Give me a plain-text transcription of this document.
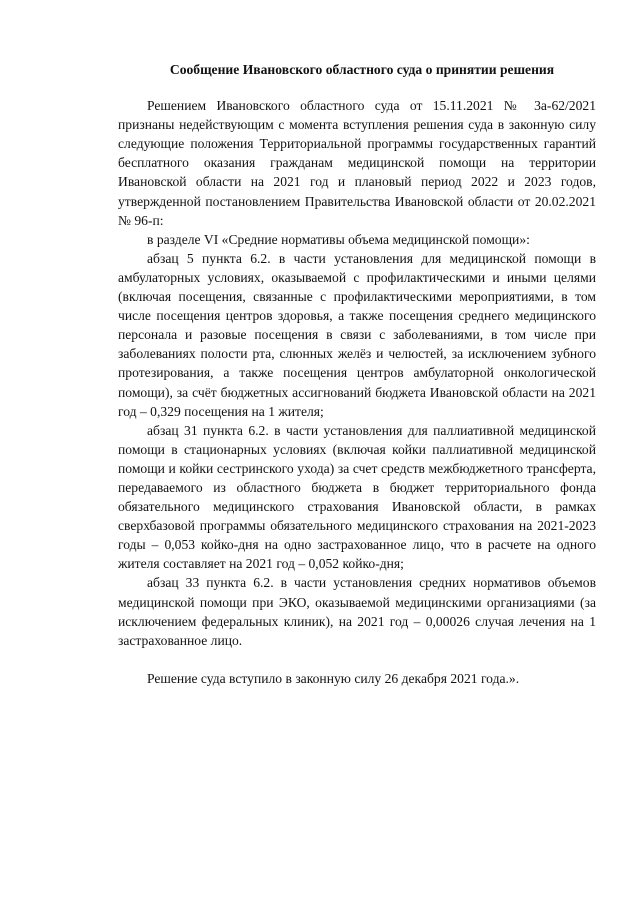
Сообщение Ивановского областного суда о принятии решения

Решением Ивановского областного суда от 15.11.2021 № 3а-62/2021 признаны недействующим с момента вступления решения суда в законную силу следующие положения Территориальной программы государственных гарантий бесплатного оказания гражданам медицинской помощи на территории Ивановской области на 2021 год и плановый период 2022 и 2023 годов, утвержденной постановлением Правительства Ивановской области от 20.02.2021 № 96-п:

в разделе VI «Средние нормативы объема медицинской помощи»:

абзац 5 пункта 6.2. в части установления для медицинской помощи в амбулаторных условиях, оказываемой с профилактическими и иными целями (включая посещения, связанные с профилактическими мероприятиями, в том числе посещения центров здоровья, а также посещения среднего медицинского персонала и разовые посещения в связи с заболеваниями, в том числе при заболеваниях полости рта, слюнных желёз и челюстей, за исключением зубного протезирования, а также посещения центров амбулаторной онкологической помощи), за счёт бюджетных ассигнований бюджета Ивановской области на 2021 год – 0,329 посещения на 1 жителя;

абзац 31 пункта 6.2. в части установления для паллиативной медицинской помощи в стационарных условиях (включая койки паллиативной медицинской помощи и койки сестринского ухода) за счет средств межбюджетного трансферта, передаваемого из областного бюджета в бюджет территориального фонда обязательного медицинского страхования Ивановской области, в рамках сверхбазовой программы обязательного медицинского страхования на 2021-2023 годы – 0,053 койко-дня на одно застрахованное лицо, что в расчете на одного жителя составляет на 2021 год – 0,052 койко-дня;

абзац 33 пункта 6.2. в части установления средних нормативов объемов медицинской помощи при ЭКО, оказываемой медицинскими организациями (за исключением федеральных клиник), на 2021 год – 0,00026 случая лечения на 1 застрахованное лицо.

Решение суда вступило в законную силу 26 декабря 2021 года.».
